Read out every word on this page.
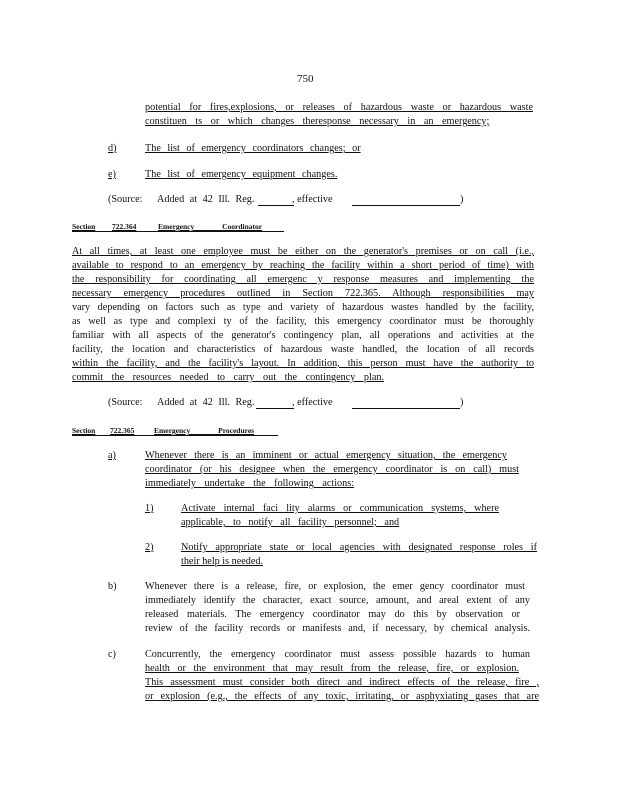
750
potential for fires,explosions, or releases of hazardous waste or hazardous waste
constituen ts or which changes theresponse necessary in an emergency;
d)	The list of emergency coordinators changes; or
e)	The list of emergency equipment changes.
(Source: Added at 42 Ill. Reg.	, effective	)
Section 722.364	Emergency Coordinator
At all times, at least one employee must be either on the generator's premises or on call (i.e.,
available to respond to an emergency by reaching the facility within a short period of time) with
the responsibility for coordinating all emergenc y response measures and implementing the
necessary emergency procedures outlined in Section 722.365. Although responsibilities may
vary depending on factors such as type and variety of hazardous wastes handled by the facility,
as well as type and complexi ty of the facility, this emergency coordinator must be thoroughly
familiar with all aspects of the generator's contingency plan, all operations and activities at the
facility, the location and characteristics of hazardous waste handled, the location of all records
within the facility, and the facility's layout. In addition, this person must have the authority to
commit the resources needed to carry out the contingency plan.
(Source: Added at 42 Ill. Reg.	, effective	)
Section 722.365	Emergency Procedures
a)	Whenever there is an imminent or actual emergency situation, the emergency
coordinator (or his designee when the emergency coordinator is on call) must
immediately undertake the following actions:
1)	Activate internal faci lity alarms or communication systems, where
applicable, to notify all facility personnel; and
2)	Notify appropriate state or local agencies with designated response roles if
their help is needed.
b)	Whenever there is a release, fire, or explosion, the emer gency coordinator must
immediately identify the character, exact source, amount, and areal extent of any
released materials. The emergency coordinator may do this by observation or
review of the facility records or manifests and, if necessary, by chemical analysis.
c)	Concurrently, the emergency coordinator must assess possible hazards to human
health or the environment that may result from the release, fire, or explosion.
This assessment must consider both direct and indirect effects of the release, fire ,
or explosion (e.g., the effects of any toxic, irritating, or asphyxiating gases that are
